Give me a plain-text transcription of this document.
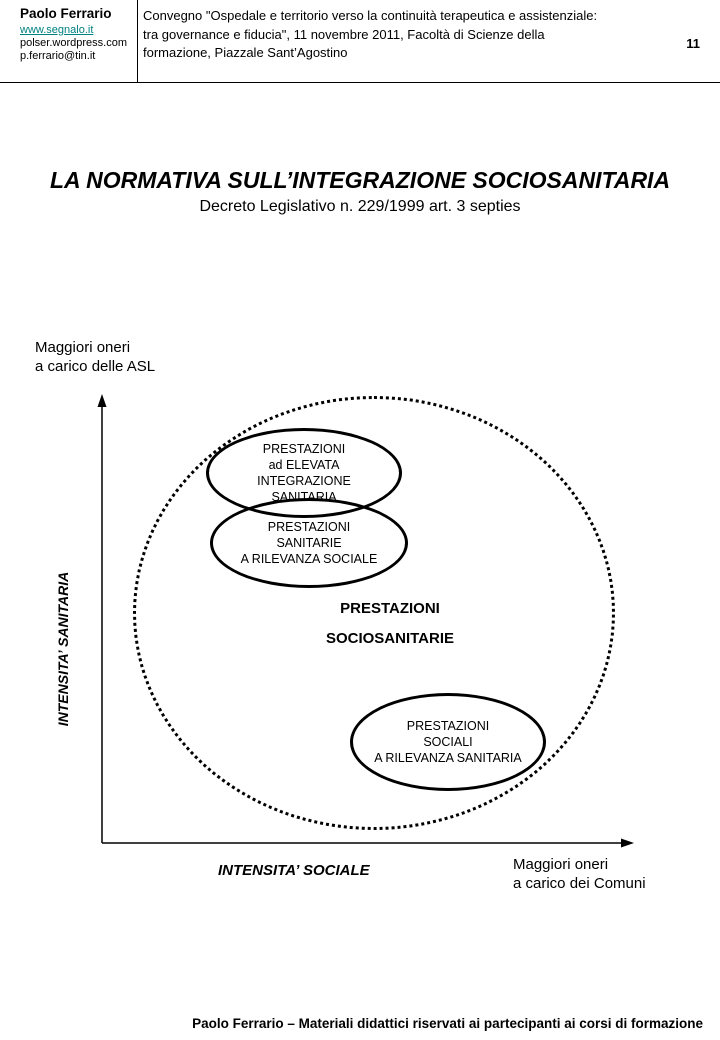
Paolo Ferrario
www.segnalo.it
polser.wordpress.com
p.ferrario@tin.it
Convegno "Ospedale e territorio verso la continuità terapeutica e assistenziale:
tra governance e fiducia", 11 novembre 2011, Facoltà di Scienze della
formazione, Piazzale Sant’Agostino
11
LA NORMATIVA SULL’INTEGRAZIONE SOCIOSANITARIA
Decreto Legislativo n. 229/1999 art. 3 septies
Maggiori oneri
a carico delle ASL
PRESTAZIONI
ad ELEVATA
INTEGRAZIONE
SANITARIA
PRESTAZIONI
SANITARIE
A RILEVANZA SOCIALE
PRESTAZIONI
SOCIALI
A RILEVANZA SANITARIA
PRESTAZIONI
SOCIOSANITARIE
INTENSITA’ SANITARIA
INTENSITA’ SOCIALE	Maggiori oneri
a carico dei Comuni
Paolo Ferrario – Materiali didattici riservati ai partecipanti ai corsi di formazione
